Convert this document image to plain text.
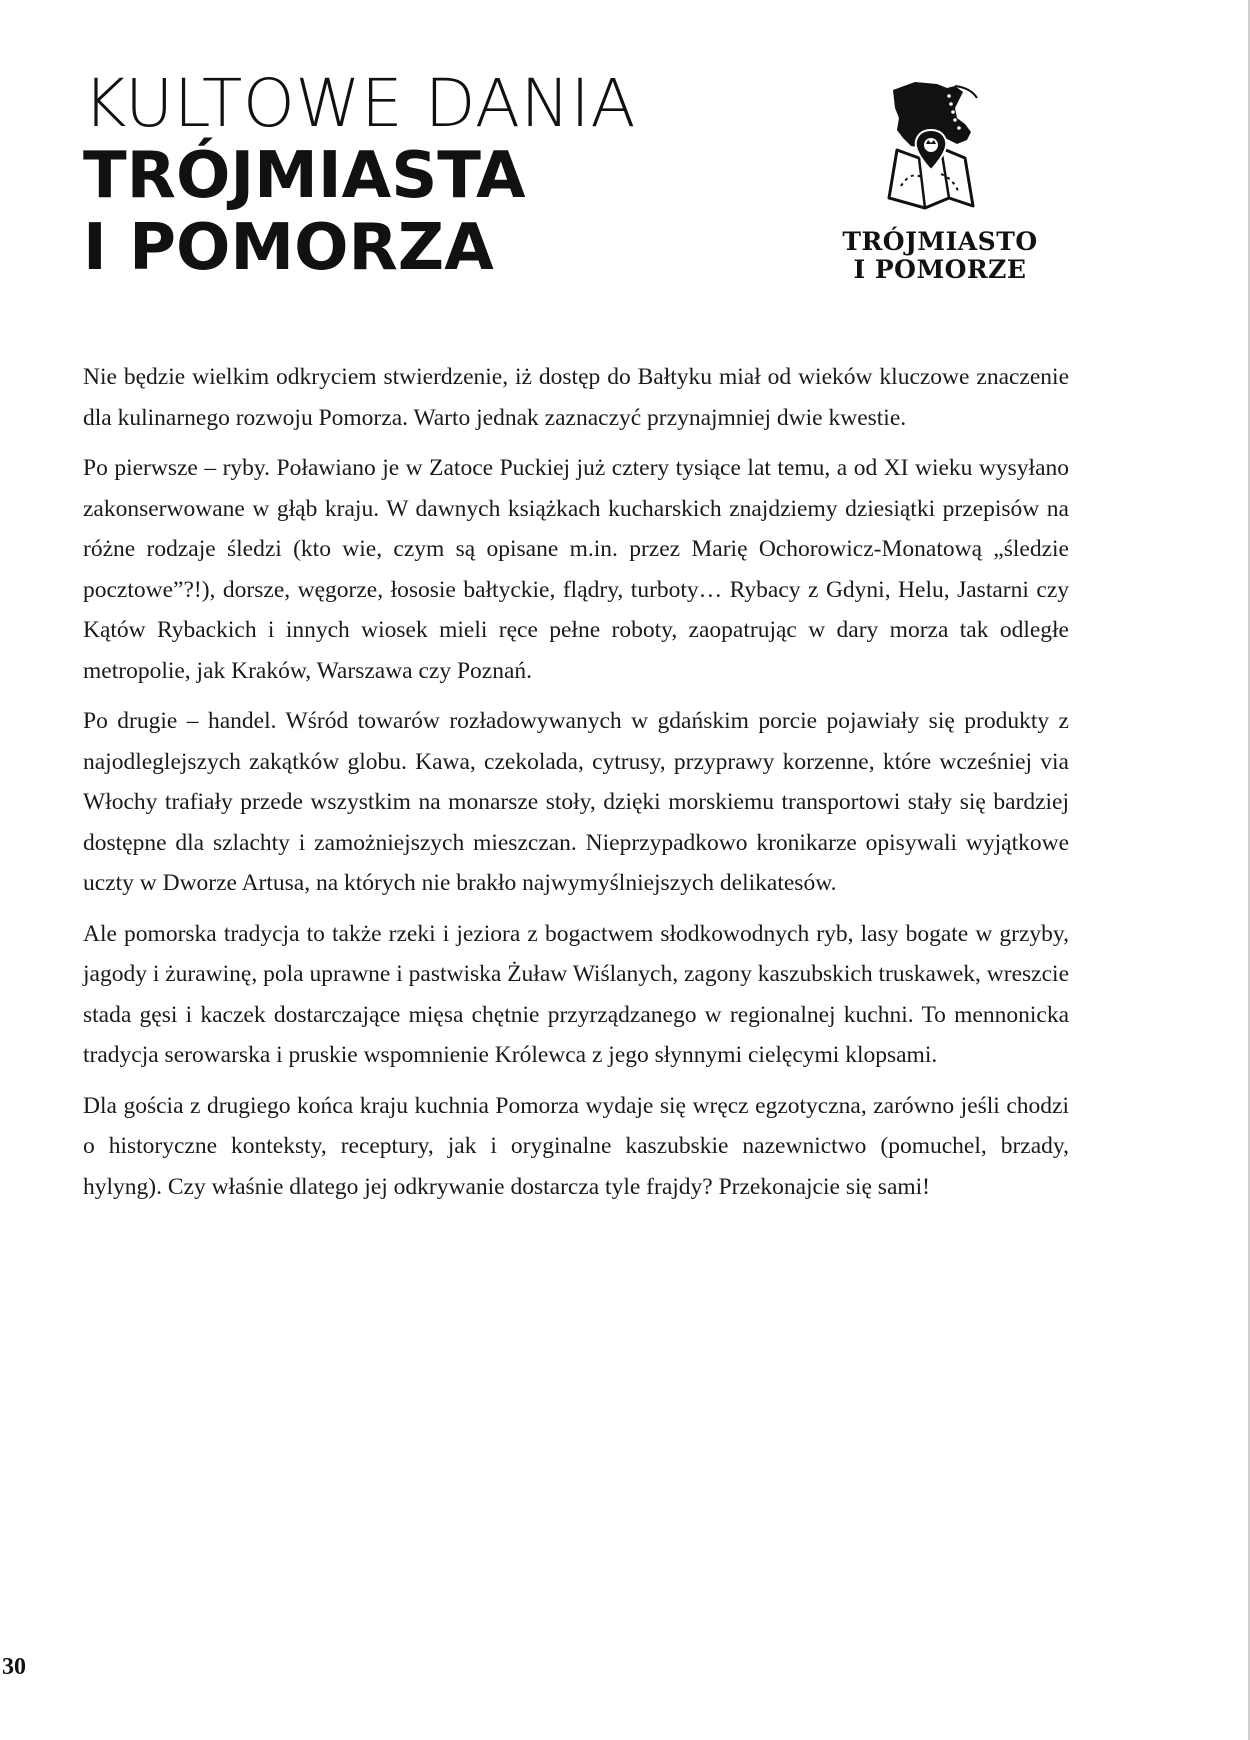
KULTOWE DANIA
TRÓJMIASTA
I POMORZA	TRÓJMIASTO
I POMORZE

Nie będzie wielkim odkryciem stwierdzenie, iż dostęp do Bałtyku miał od wieków kluczowe znaczenie dla kulinarnego rozwoju Pomorza. Warto jednak zaznaczyć przynajmniej dwie kwestie.

Po pierwsze – ryby. Poławiano je w Zatoce Puckiej już cztery tysiące lat temu, a od XI wieku wysyłano zakonserwowane w głąb kraju. W dawnych książkach kucharskich znajdziemy dziesiątki przepisów na różne rodzaje śledzi (kto wie, czym są opisane m.in. przez Marię Ochorowicz-Monatową „śledzie pocztowe”?!), dorsze, węgorze, łososie bałtyckie, flądry, turboty… Rybacy z Gdyni, Helu, Jastarni czy Kątów Rybackich i innych wiosek mieli ręce pełne roboty, zaopatrując w dary morza tak odległe metropolie, jak Kraków, Warszawa czy Poznań.

Po drugie – handel. Wśród towarów rozładowywanych w gdańskim porcie pojawiały się produkty z najodleglejszych zakątków globu. Kawa, czekolada, cytrusy, przyprawy korzenne, które wcześniej via Włochy trafiały przede wszystkim na monarsze stoły, dzięki morskiemu transportowi stały się bardziej dostępne dla szlachty i zamożniejszych mieszczan. Nieprzypadkowo kronikarze opisywali wyjątkowe uczty w Dworze Artusa, na których nie brakło najwymyślniejszych delikatesów.

Ale pomorska tradycja to także rzeki i jeziora z bogactwem słodkowodnych ryb, lasy bogate w grzyby, jagody i żurawinę, pola uprawne i pastwiska Żuław Wiślanych, zagony kaszubskich truskawek, wreszcie stada gęsi i kaczek dostarczające mięsa chętnie przyrządzanego w regionalnej kuchni. To mennonicka tradycja serowarska i pruskie wspomnienie Królewca z jego słynnymi cielęcymi klopsami.

Dla gościa z drugiego końca kraju kuchnia Pomorza wydaje się wręcz egzotyczna, zarówno jeśli chodzi o historyczne konteksty, receptury, jak i oryginalne kaszubskie nazewnictwo (pomuchel, brzady, hylyng). Czy właśnie dlatego jej odkrywanie dostarcza tyle frajdy? Przekonajcie się sami!

30
